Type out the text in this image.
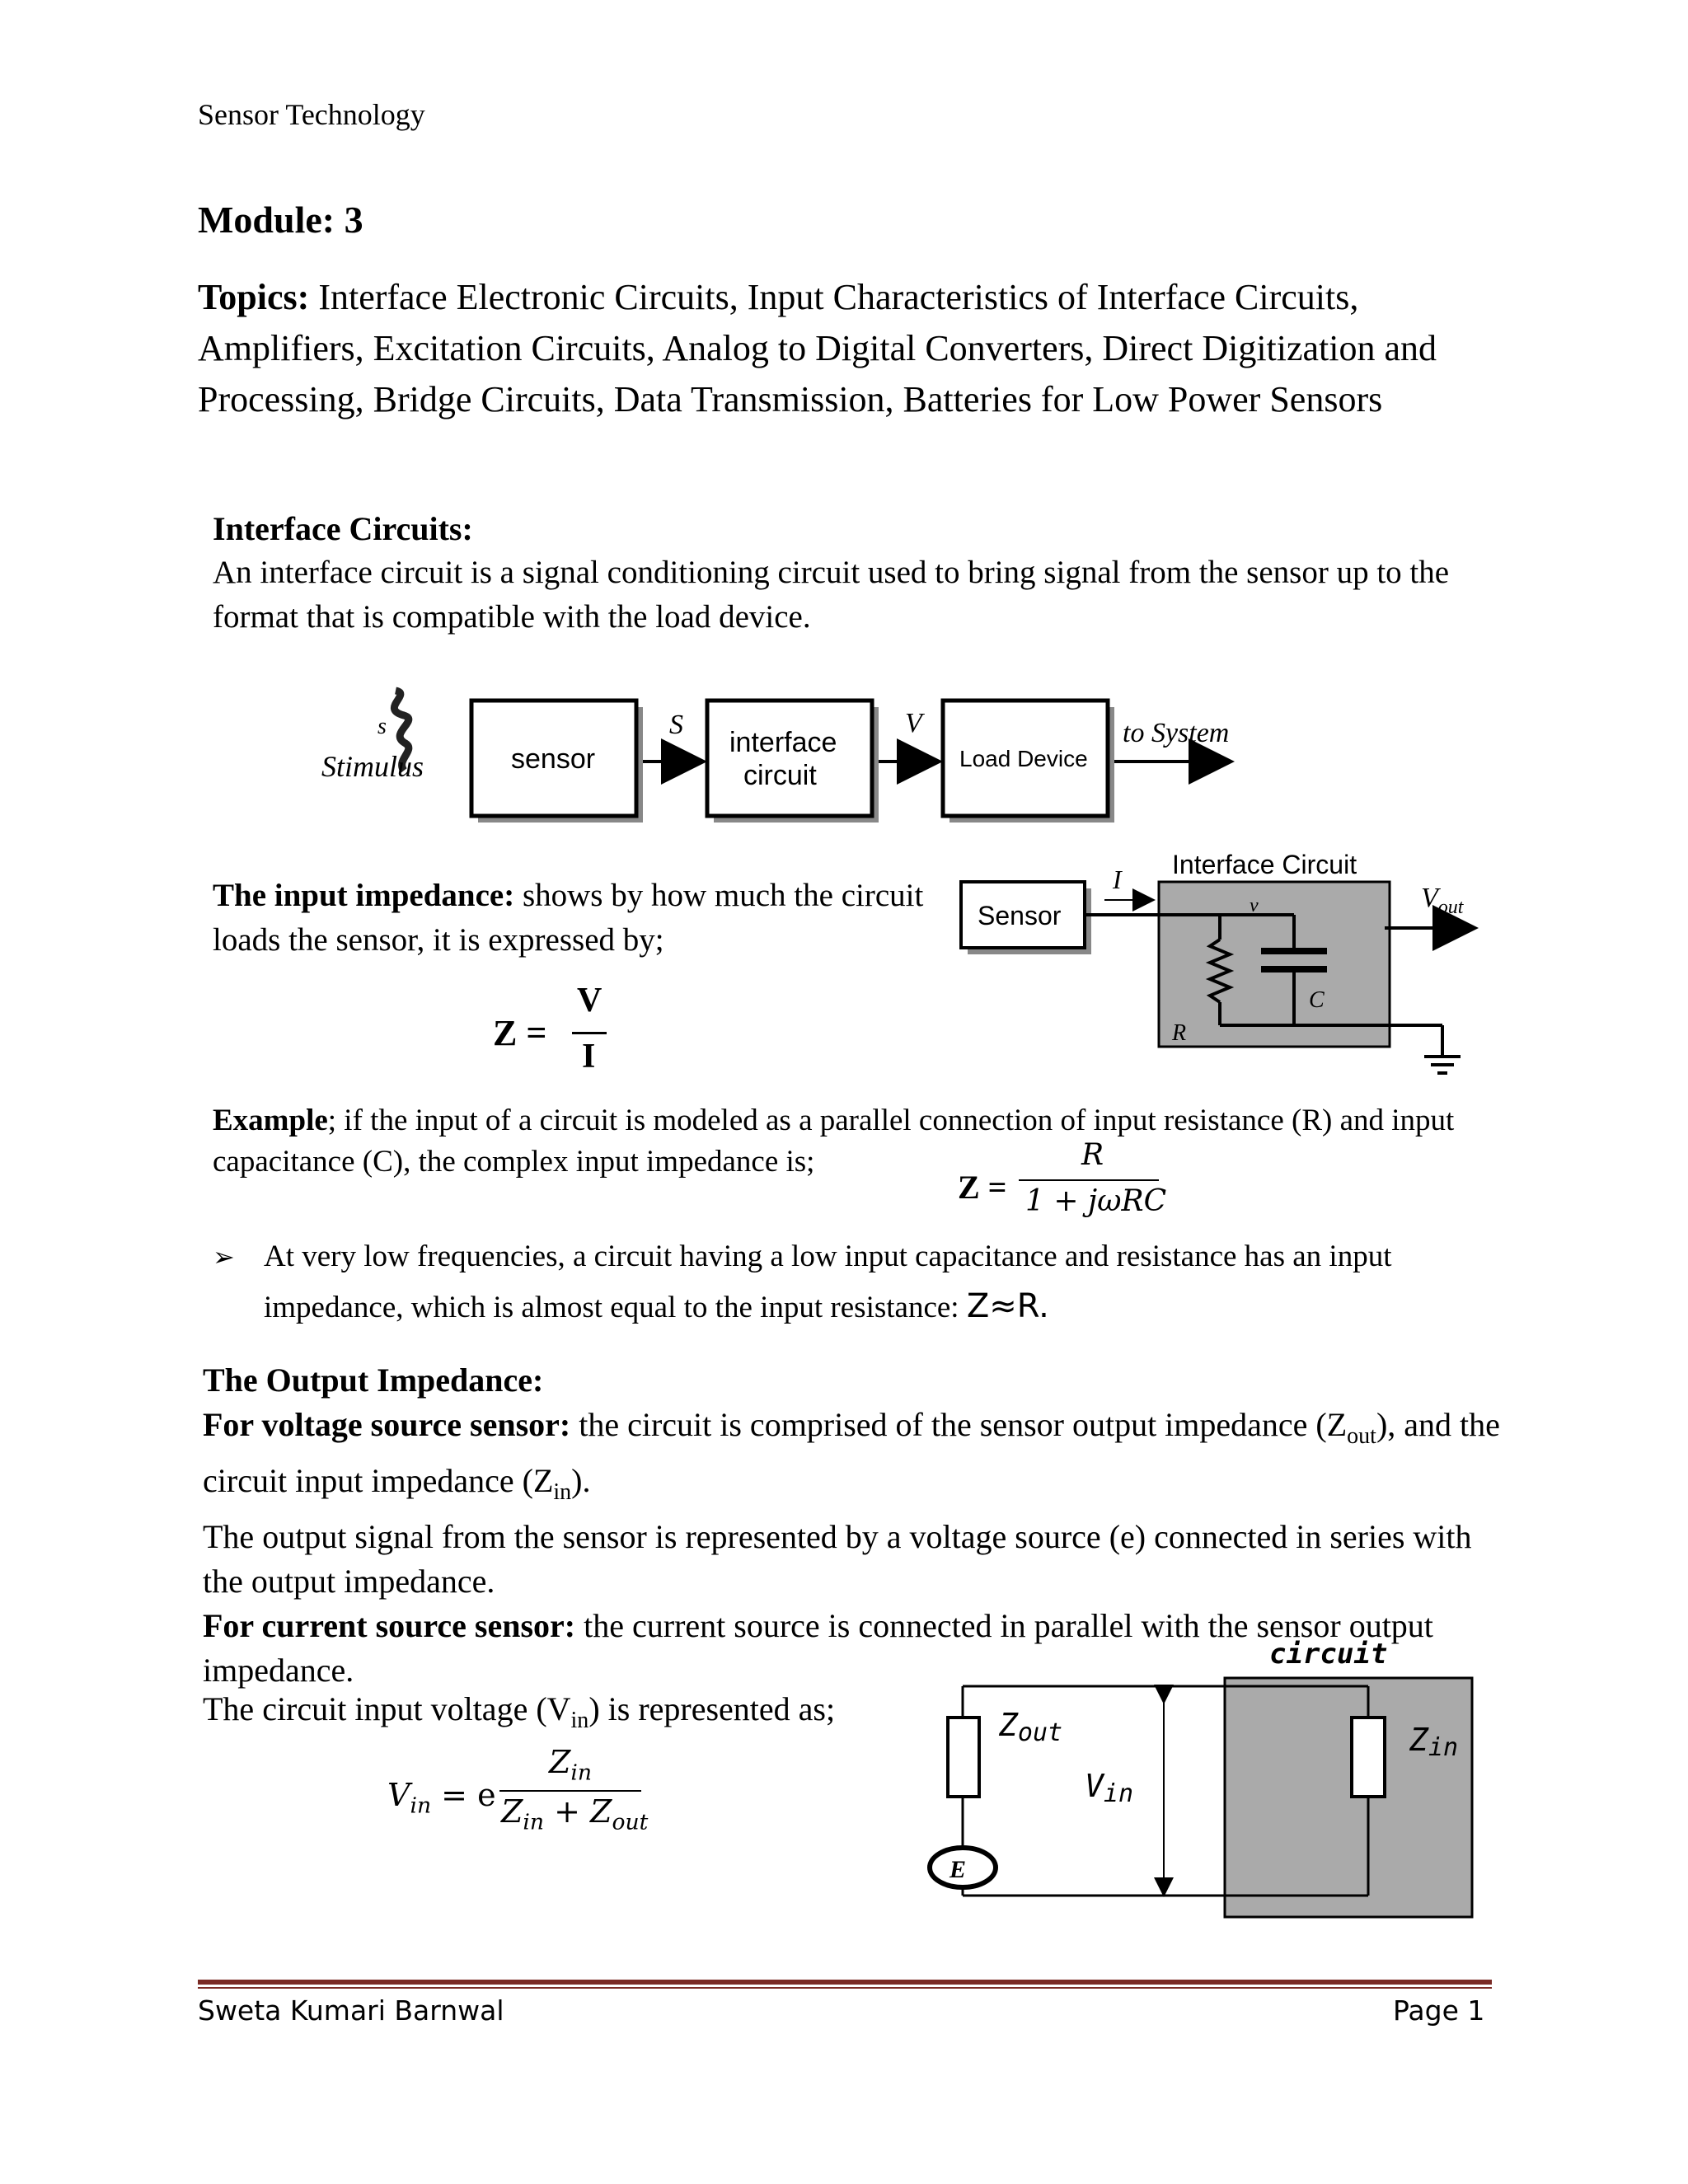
Sensor Technology
Module: 3
Topics: Interface Electronic Circuits, Input Characteristics of Interface Circuits, Amplifiers, Excitation Circuits, Analog to Digital Converters, Direct Digitization and Processing, Bridge Circuits, Data Transmission, Batteries for Low Power Sensors
Interface Circuits:
An interface circuit is a signal conditioning circuit used to bring signal from the sensor up to the format that is compatible with the load device.
s
Stimulus	sensor
S
interface
circuit
V
Load Device
to System
The input impedance: shows by how much the circuit loads the sensor, it is expressed by;
Z =
V
I
Interface Circuit
Sensor
I
v
R
C
$V_{out}$
Example; if the input of a circuit is modeled as a parallel connection of input resistance (R) and input capacitance (C), the complex input impedance is;
Z =
R
1 + jωRC
➢ At very low frequencies, a circuit having a low input capacitance and resistance has an input impedance, which is almost equal to the input resistance: Z≈R.
The Output Impedance:
For voltage source sensor: the circuit is comprised of the sensor output impedance $(Z_{out})$, and the circuit input impedance $(Z_{in})$.
The output signal from the sensor is represented by a voltage source (e) connected in series with the output impedance.
For current source sensor: the current source is connected in parallel with the sensor output impedance.
The circuit input voltage $(V_{in})$ is represented as;
$V_{in} = e$
$Z_{in}$
$Z_{in} + Z_{out}$
circuit
E
Zout
Vin
Zin
Sweta Kumari Barnwal	Page 1
